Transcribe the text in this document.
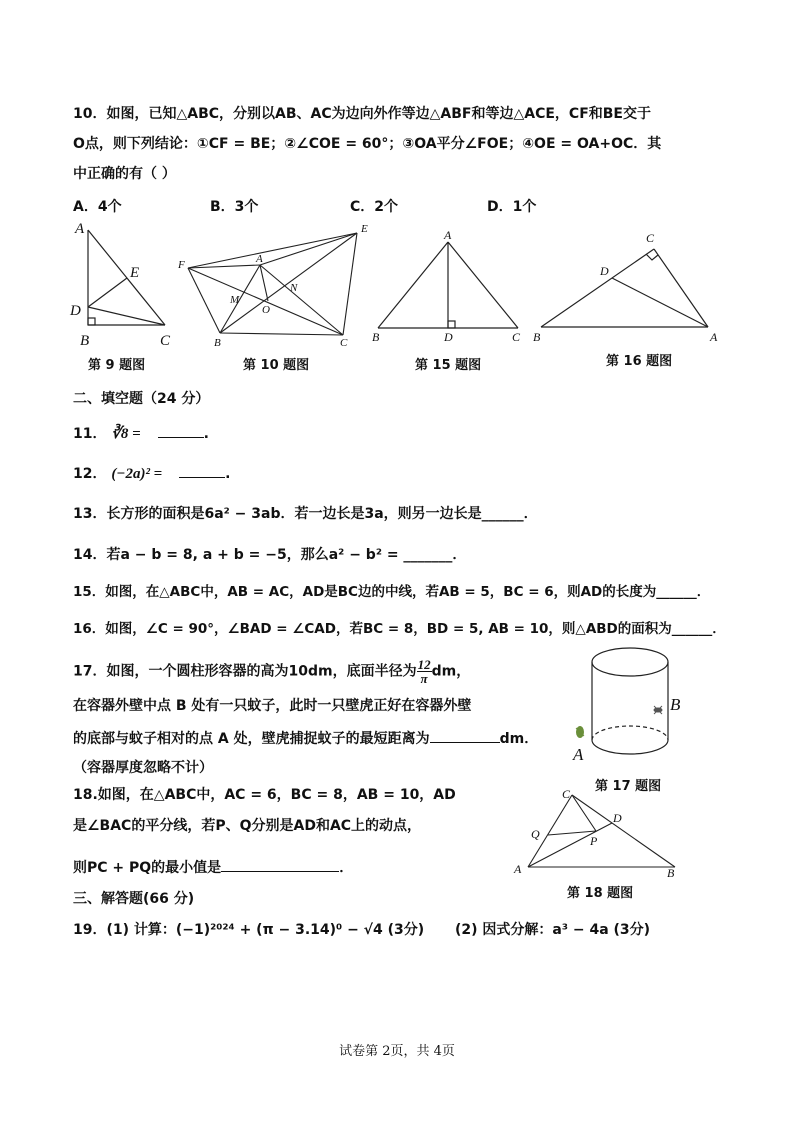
10．如图，已知△ABC，分别以AB、AC为边向外作等边△ABF和等边△ACE，CF和BE交于
O点，则下列结论：①CF = BE；②∠COE = 60°；③OA平分∠FOE；④OE = OA+OC．其
中正确的有（ ）
A．4个	B．3个	C．2个	D．1个
A
E
D
B	C
F	A
E
M
N
O
B	C
A
B	D	C
C
D
B	A
第 9 题图	第 10 题图	第 15 题图	第 16 题图
二、填空题（24 分）
11． ∛8 =	.
12． (−2a)² =	.
13．长方形的面积是6a² − 3ab．若一边长是3a，则另一边长是______．
14．若a − b = 8, a + b = −5，那么a² − b² = _______．
15．如图，在△ABC中，AB = AC，AD是BC边的中线，若AB = 5，BC = 6，则AD的长度为______．
16．如图，∠C = 90°，∠BAD = ∠CAD，若BC = 8，BD = 5, AB = 10，则△ABD的面积为______．
17．如图，一个圆柱形容器的高为10dm，底面半径为 $\frac{12}{\pi}$ dm，
在容器外壁中点 B 处有一只蚊子，此时一只壁虎正好在容器外壁
的底部与蚊子相对的点 A 处，壁虎捕捉蚊子的最短距离为	dm．
（容器厚度忽略不计）
B
A
第 17 题图
18.如图，在△ABC中，AC = 6，BC = 8，AB = 10，AD
是∠BAC的平分线，若P、Q分别是AD和AC上的动点，
则PC + PQ的最小值是	．
C
D
Q	P
A	B
第 18 题图
三、解答题(66 分)
19．(1) 计算：(−1)²⁰²⁴ + (π − 3.14)⁰ − √4 (3分) (2) 因式分解：a³ − 4a (3分)
试卷第 2页，共 4页
